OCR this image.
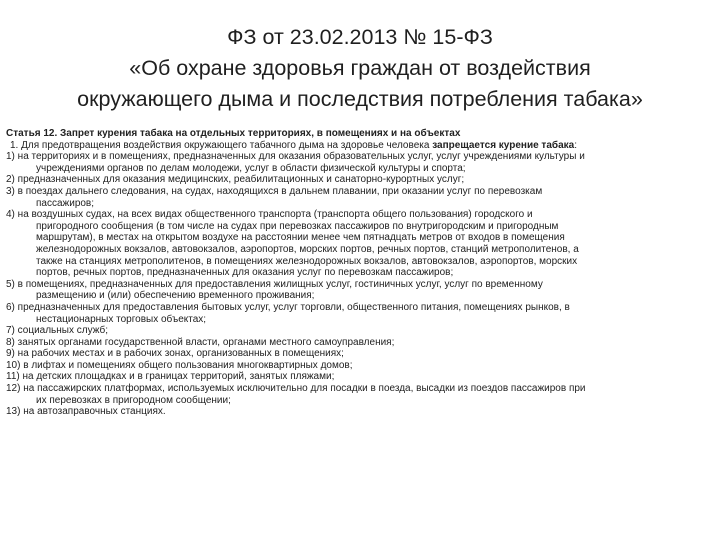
ФЗ от 23.02.2013 № 15-ФЗ
«Об охране здоровья граждан от воздействия
окружающего дыма и последствия потребления табака»
Статья 12. Запрет курения табака на отдельных территориях, в помещениях и на объектах
1. Для предотвращения воздействия окружающего табачного дыма на здоровье человека запрещается курение табака:
1) на территориях и в помещениях, предназначенных для оказания образовательных услуг, услуг учреждениями культуры и
учреждениями органов по делам молодежи, услуг в области физической культуры и спорта;
2) предназначенных для оказания медицинских, реабилитационных и санаторно-курортных услуг;
3) в поездах дальнего следования, на судах, находящихся в дальнем плавании, при оказании услуг по перевозкам
пассажиров;
4) на воздушных судах, на всех видах общественного транспорта (транспорта общего пользования) городского и
пригородного сообщения (в том числе на судах при перевозках пассажиров по внутригородским и пригородным
маршрутам), в местах на открытом воздухе на расстоянии менее чем пятнадцать метров от входов в помещения
железнодорожных вокзалов, автовокзалов, аэропортов, морских портов, речных портов, станций метрополитенов, а
также на станциях метрополитенов, в помещениях железнодорожных вокзалов, автовокзалов, аэропортов, морских
портов, речных портов, предназначенных для оказания услуг по перевозкам пассажиров;
5) в помещениях, предназначенных для предоставления жилищных услуг, гостиничных услуг, услуг по временному
размещению и (или) обеспечению временного проживания;
6) предназначенных для предоставления бытовых услуг, услуг торговли, общественного питания, помещениях рынков, в
нестационарных торговых объектах;
7) социальных служб;
8) занятых органами государственной власти, органами местного самоуправления;
9) на рабочих местах и в рабочих зонах, организованных в помещениях;
10) в лифтах и помещениях общего пользования многоквартирных домов;
11) на детских площадках и в границах территорий, занятых пляжами;
12) на пассажирских платформах, используемых исключительно для посадки в поезда, высадки из поездов пассажиров при
их перевозках в пригородном сообщении;
13) на автозаправочных станциях.
